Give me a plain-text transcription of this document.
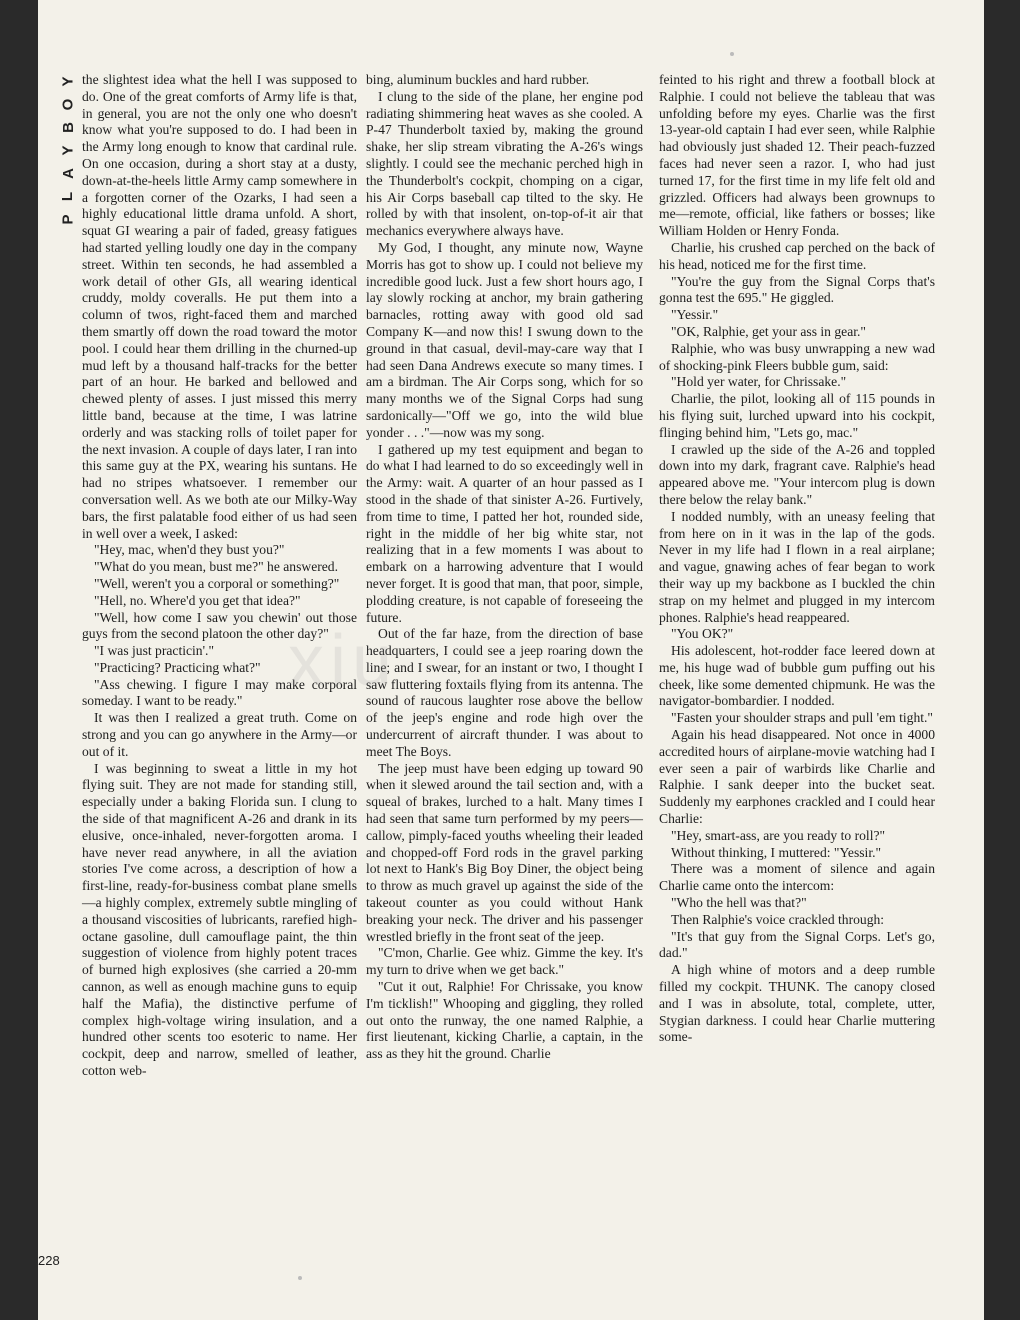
Y
O
B
Y
A
L
P

the slightest idea what the hell I was supposed to do. One of the great comforts of Army life is that, in general, you are not the only one who doesn't know what you're supposed to do. I had been in the Army long enough to know that cardinal rule. On one occasion, during a short stay at a dusty, down-at-the-heels little Army camp somewhere in a forgotten corner of the Ozarks, I had seen a highly educational little drama unfold. A short, squat GI wearing a pair of faded, greasy fatigues had started yelling loudly one day in the company street. Within ten seconds, he had assembled a work detail of other GIs, all wearing identical cruddy, moldy coveralls. He put them into a column of twos, right-faced them and marched them smartly off down the road toward the motor pool. I could hear them drilling in the churned-up mud left by a thousand half-tracks for the better part of an hour. He barked and bellowed and chewed plenty of asses. I just missed this merry little band, because at the time, I was latrine orderly and was stacking rolls of toilet paper for the next invasion. A couple of days later, I ran into this same guy at the PX, wearing his suntans. He had no stripes whatsoever. I remember our conversation well. As we both ate our Milky-Way bars, the first palatable food either of us had seen in well over a week, I asked:

"Hey, mac, when'd they bust you?"

"What do you mean, bust me?" he answered.

"Well, weren't you a corporal or something?"

"Hell, no. Where'd you get that idea?"

"Well, how come I saw you chewin' out those guys from the second platoon the other day?"

"I was just practicin'."

"Practicing? Practicing what?"

"Ass chewing. I figure I may make corporal someday. I want to be ready."

It was then I realized a great truth. Come on strong and you can go anywhere in the Army—or out of it.

I was beginning to sweat a little in my hot flying suit. They are not made for standing still, especially under a baking Florida sun. I clung to the side of that magnificent A-26 and drank in its elusive, once-inhaled, never-forgotten aroma. I have never read anywhere, in all the aviation stories I've come across, a description of how a first-line, ready-for-business combat plane smells—a highly complex, extremely subtle mingling of a thousand viscosities of lubricants, rarefied high-octane gasoline, dull camouflage paint, the thin suggestion of violence from highly potent traces of burned high explosives (she carried a 20-mm cannon, as well as enough machine guns to equip half the Mafia), the distinctive perfume of complex high-voltage wiring insulation, and a hundred other scents too esoteric to name. Her cockpit, deep and narrow, smelled of leather, cotton web-

bing, aluminum buckles and hard rubber.

I clung to the side of the plane, her engine pod radiating shimmering heat waves as she cooled. A P-47 Thunderbolt taxied by, making the ground shake, her slip stream vibrating the A-26's wings slightly. I could see the mechanic perched high in the Thunderbolt's cockpit, chomping on a cigar, his Air Corps baseball cap tilted to the sky. He rolled by with that insolent, on-top-of-it air that mechanics everywhere always have.

My God, I thought, any minute now, Wayne Morris has got to show up. I could not believe my incredible good luck. Just a few short hours ago, I lay slowly rocking at anchor, my brain gathering barnacles, rotting away with good old sad Company K—and now this! I swung down to the ground in that casual, devil-may-care way that I had seen Dana Andrews execute so many times. I am a birdman. The Air Corps song, which for so many months we of the Signal Corps had sung sardonically—"Off we go, into the wild blue yonder . . ."—now was my song.

I gathered up my test equipment and began to do what I had learned to do so exceedingly well in the Army: wait. A quarter of an hour passed as I stood in the shade of that sinister A-26. Furtively, from time to time, I patted her hot, rounded side, right in the middle of her big white star, not realizing that in a few moments I was about to embark on a harrowing adventure that I would never forget. It is good that man, that poor, simple, plodding creature, is not capable of foreseeing the future.

Out of the far haze, from the direction of base headquarters, I could see a jeep roaring down the line; and I swear, for an instant or two, I thought I saw fluttering foxtails flying from its antenna. The sound of raucous laughter rose above the bellow of the jeep's engine and rode high over the undercurrent of aircraft thunder. I was about to meet The Boys.

The jeep must have been edging up toward 90 when it slewed around the tail section and, with a squeal of brakes, lurched to a halt. Many times I had seen that same turn performed by my peers—callow, pimply-faced youths wheeling their leaded and chopped-off Ford rods in the gravel parking lot next to Hank's Big Boy Diner, the object being to throw as much gravel up against the side of the takeout counter as you could without Hank breaking your neck. The driver and his passenger wrestled briefly in the front seat of the jeep.

"C'mon, Charlie. Gee whiz. Gimme the key. It's my turn to drive when we get back."

"Cut it out, Ralphie! For Chrissake, you know I'm ticklish!" Whooping and giggling, they rolled out onto the runway, the one named Ralphie, a first lieutenant, kicking Charlie, a captain, in the ass as they hit the ground. Charlie

feinted to his right and threw a football block at Ralphie. I could not believe the tableau that was unfolding before my eyes. Charlie was the first 13-year-old captain I had ever seen, while Ralphie had obviously just shaded 12. Their peach-fuzzed faces had never seen a razor. I, who had just turned 17, for the first time in my life felt old and grizzled. Officers had always been grownups to me—remote, official, like fathers or bosses; like William Holden or Henry Fonda.

Charlie, his crushed cap perched on the back of his head, noticed me for the first time.

"You're the guy from the Signal Corps that's gonna test the 695." He giggled.

"Yessir."

"OK, Ralphie, get your ass in gear."

Ralphie, who was busy unwrapping a new wad of shocking-pink Fleers bubble gum, said:

"Hold yer water, for Chrissake."

Charlie, the pilot, looking all of 115 pounds in his flying suit, lurched upward into his cockpit, flinging behind him, "Lets go, mac."

I crawled up the side of the A-26 and toppled down into my dark, fragrant cave. Ralphie's head appeared above me. "Your intercom plug is down there below the relay bank."

I nodded numbly, with an uneasy feeling that from here on in it was in the lap of the gods. Never in my life had I flown in a real airplane; and vague, gnawing aches of fear began to work their way up my backbone as I buckled the chin strap on my helmet and plugged in my intercom phones. Ralphie's head reappeared.

"You OK?"

His adolescent, hot-rodder face leered down at me, his huge wad of bubble gum puffing out his cheek, like some demented chipmunk. He was the navigator-bombardier. I nodded.

"Fasten your shoulder straps and pull 'em tight."

Again his head disappeared. Not once in 4000 accredited hours of airplane-movie watching had I ever seen a pair of warbirds like Charlie and Ralphie. I sank deeper into the bucket seat. Suddenly my earphones crackled and I could hear Charlie:

"Hey, smart-ass, are you ready to roll?"

Without thinking, I muttered: "Yessir."

There was a moment of silence and again Charlie came onto the intercom:

"Who the hell was that?"

Then Ralphie's voice crackled through:

"It's that guy from the Signal Corps. Let's go, dad."

A high whine of motors and a deep rumble filled my cockpit. THUNK. The canopy closed and I was in absolute, total, complete, utter, Stygian darkness. I could hear Charlie muttering some-

228
xiu
